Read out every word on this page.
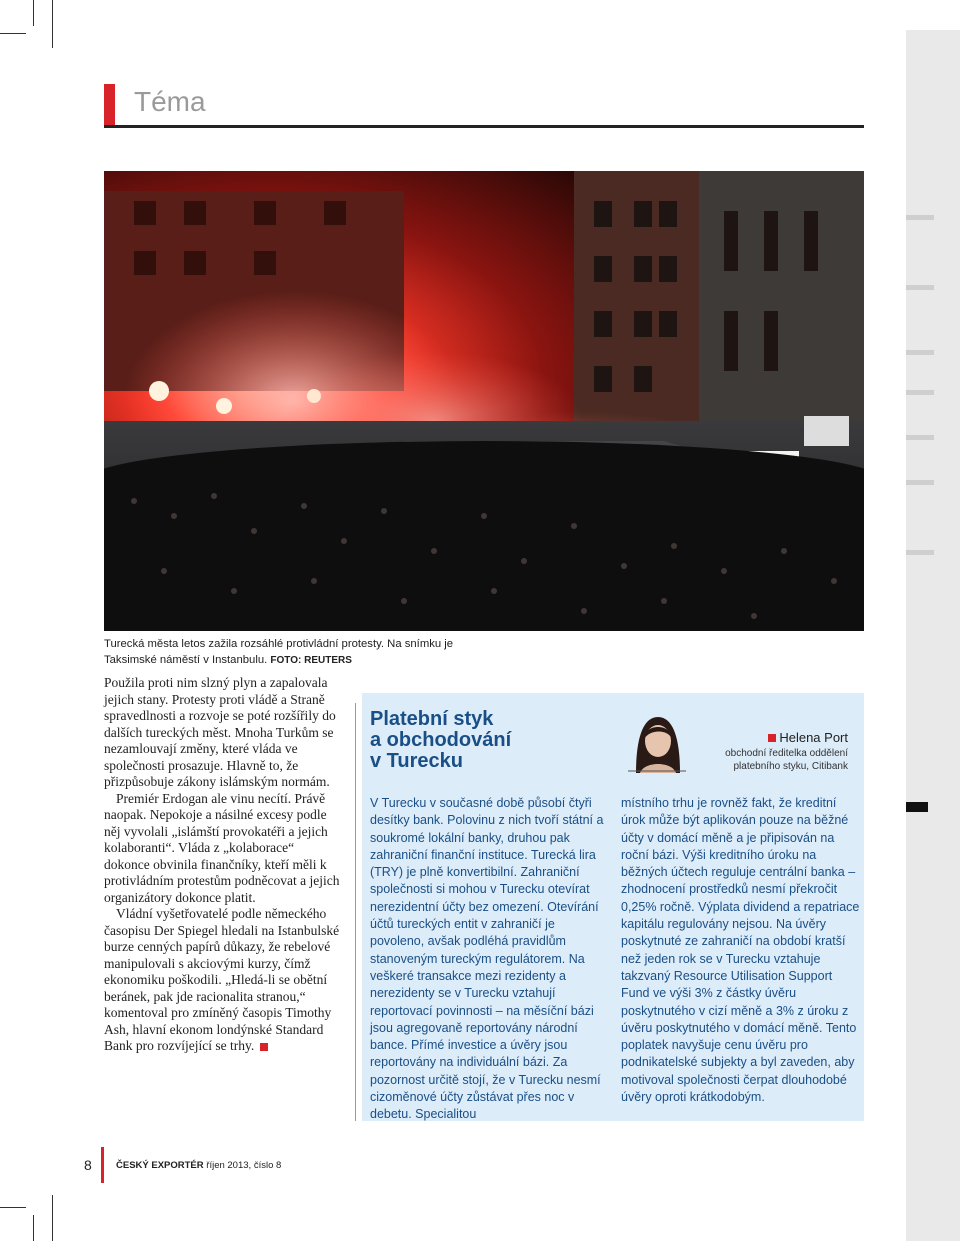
Téma
Turecká města letos zažila rozsáhlé protivládní protesty. Na snímku je Taksimské náměstí v Instanbulu. FOTO: REUTERS

Použila proti nim slzný plyn a zapalovala jejich stany. Protesty proti vládě a Straně spravedlnosti a rozvoje se poté rozšířily do dalších tureckých měst. Mnoha Turkům se nezamlouvají změny, které vláda ve společnosti prosazuje. Hlavně to, že přizpůsobuje zákony islámským normám.

Premiér Erdogan ale vinu necítí. Právě naopak. Nepokoje a násilné excesy podle něj vyvolali „islámští provokatéři a jejich kolaboranti“. Vláda z „kolaborace“ dokonce obvinila finančníky, kteří měli k protivládním protestům podněcovat a jejich organizátory dokonce platit.

Vládní vyšetřovatelé podle německého časopisu Der Spiegel hledali na Istanbulské burze cenných papírů důkazy, že rebelové manipulovali s akciovými kurzy, čímž ekonomiku poškodili. „Hledá-li se obětní beránek, pak jde racionalita stranou,“ komentoval pro zmíněný časopis Timothy Ash, hlavní ekonom londýnské Standard Bank pro rozvíjející se trhy.

Platební styk
a obchodování
v Turecku
Helena Port
obchodní ředitelka oddělení
platebního styku, Citibank
V Turecku v současné době působí čtyři desítky bank. Polovinu z nich tvoří státní a soukromé lokální banky, druhou pak zahraniční finanční instituce. Turecká lira (TRY) je plně konvertibilní. Zahraniční společnosti si mohou v Turecku otevírat nerezidentní účty bez omezení. Otevírání účtů tureckých entit v zahraničí je povoleno, avšak podléhá pravidlům stanoveným tureckým regulátorem. Na veškeré transakce mezi rezidenty a nerezidenty se v Turecku vztahují reportovací povinnosti – na měsíční bázi jsou agregovaně reportovány národní bance. Přímé investice a úvěry jsou reportovány na individuální bázi. Za pozornost určitě stojí, že v Turecku nesmí cizoměnové účty zůstávat přes noc v debetu. Specialitou
místního trhu je rovněž fakt, že kreditní úrok může být aplikován pouze na běžné účty v domácí měně a je připisován na roční bázi. Výši kreditního úroku na běžných účtech reguluje centrální banka – zhodnocení prostředků nesmí překročit 0,25% ročně. Výplata dividend a repatriace kapitálu regulovány nejsou. Na úvěry poskytnuté ze zahraničí na období kratší než jeden rok se v Turecku vztahuje takzvaný Resource Utilisation Support Fund ve výši 3% z částky úvěru poskytnutého v cizí měně a 3% z úroku z úvěru poskytnutého v domácí měně. Tento poplatek navyšuje cenu úvěru pro podnikatelské subjekty a byl zaveden, aby motivoval společnosti čerpat dlouhodobé úvěry oproti krátkodobým.
8	ČESKÝ EXPORTÉR říjen 2013, číslo 8
